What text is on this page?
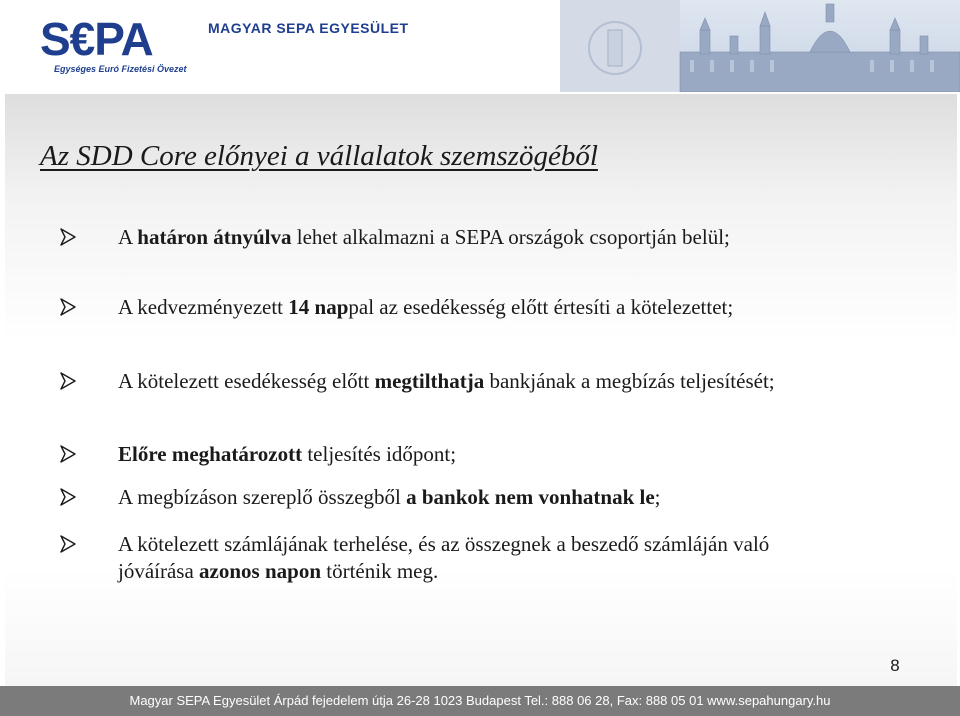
S€PA
Egységes Euró Fizetési Övezet
MAGYAR SEPA EGYESÜLET
Az SDD Core előnyei a vállalatok szemszögéből
A határon átnyúlva lehet alkalmazni a SEPA országok csoportján belül;
A kedvezményezett 14 nappal az esedékesség előtt értesíti a kötelezettet;
A kötelezett esedékesség előtt megtilthatja bankjának a megbízás teljesítését;
Előre meghatározott teljesítés időpont;
A megbízáson szereplő összegből a bankok nem vonhatnak le;
A kötelezett számlájának terhelése, és az összegnek a beszedő számláján való jóváírása azonos napon történik meg.
8
Magyar SEPA Egyesület Árpád fejedelem útja 26-28 1023 Budapest Tel.: 888 06 28, Fax: 888 05 01 www.sepahungary.hu
